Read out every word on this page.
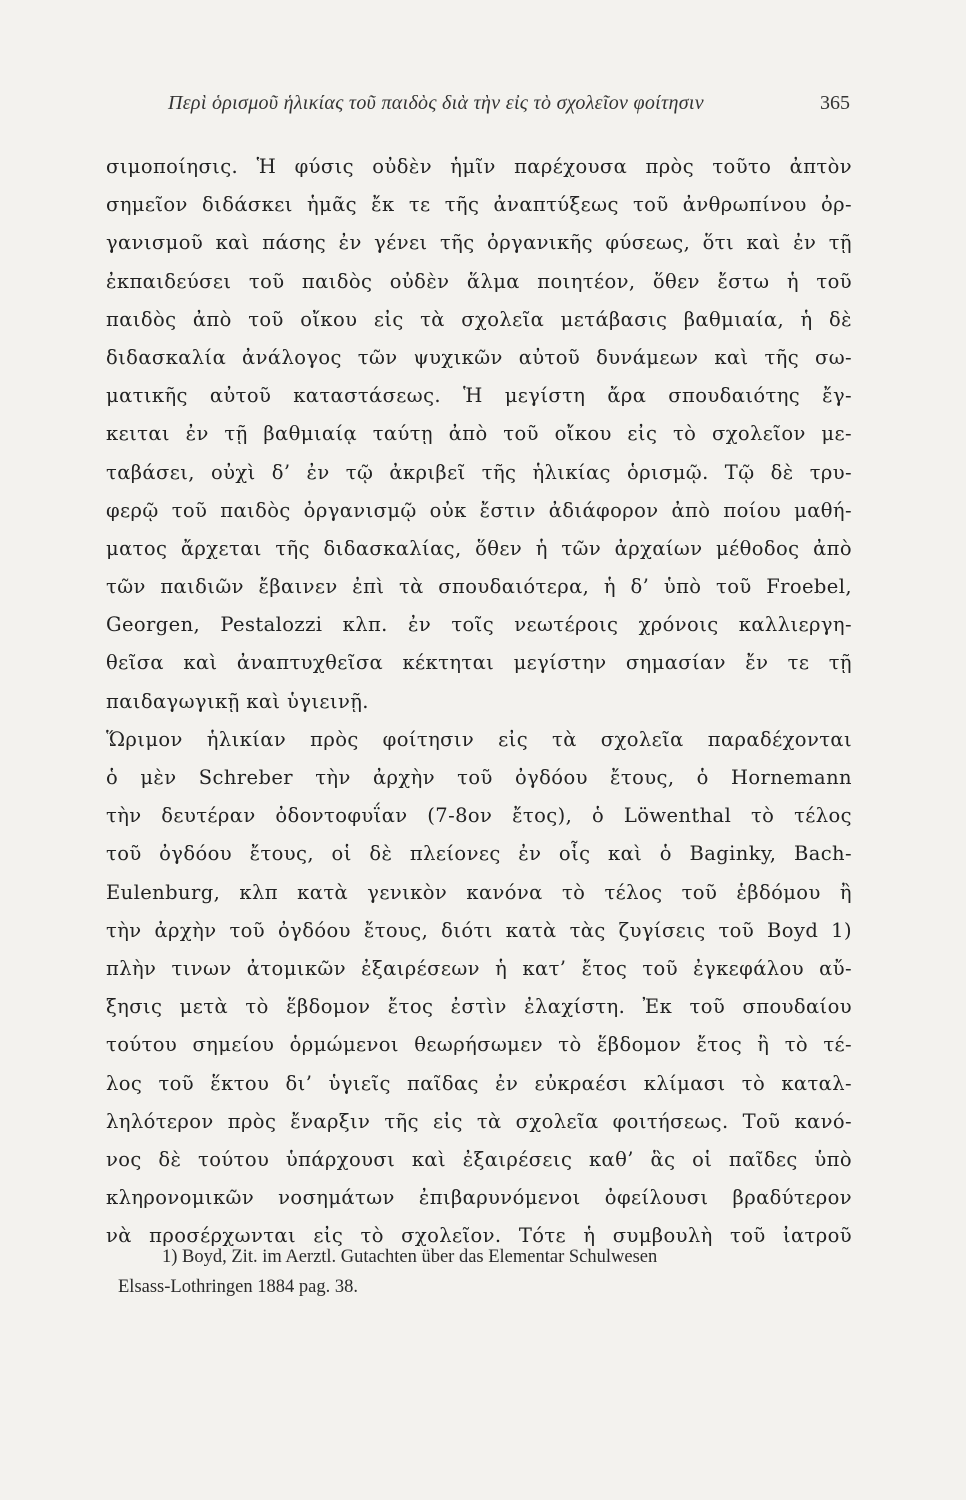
Περὶ ὁρισμοῦ ἡλικίας τοῦ παιδὸς διὰ τὴν εἰς τὸ σχολεῖον φοίτησιν	365
σιμοποίησις. Ἡ φύσις οὐδὲν ἡμῖν παρέχουσα πρὸς τοῦτο ἀπτὸν
σημεῖον διδάσκει ἡμᾶς ἔκ τε τῆς ἀναπτύξεως τοῦ ἀνθρωπίνου ὀρ-
γανισμοῦ καὶ πάσης ἐν γένει τῆς ὀργανικῆς φύσεως, ὅτι καὶ ἐν τῇ
ἐκπαιδεύσει τοῦ παιδὸς οὐδὲν ἅλμα ποιητέον, ὅθεν ἔστω ἡ τοῦ
παιδὸς ἀπὸ τοῦ οἴκου εἰς τὰ σχολεῖα μετάβασις βαθμιαία, ἡ δὲ
διδασκαλία ἀνάλογος τῶν ψυχικῶν αὐτοῦ δυνάμεων καὶ τῆς σω-
ματικῆς αὐτοῦ καταστάσεως. Ἡ μεγίστη ἄρα σπουδαιότης ἔγ-
κειται ἐν τῇ βαθμιαίᾳ ταύτῃ ἀπὸ τοῦ οἴκου εἰς τὸ σχολεῖον με-
ταβάσει, οὐχὶ δ’ ἐν τῷ ἀκριβεῖ τῆς ἡλικίας ὁρισμῷ. Τῷ δὲ τρυ-
φερῷ τοῦ παιδὸς ὀργανισμῷ οὐκ ἔστιν ἀδιάφορον ἀπὸ ποίου μαθή-
ματος ἄρχεται τῆς διδασκαλίας, ὅθεν ἡ τῶν ἀρχαίων μέθοδος ἀπὸ
τῶν παιδιῶν ἔβαινεν ἐπὶ τὰ σπουδαιότερα, ἡ δ’ ὑπὸ τοῦ Froebel,
Georgen, Pestalozzi κλπ. ἐν τοῖς νεωτέροις χρόνοις καλλιεργη-
θεῖσα καὶ ἀναπτυχθεῖσα κέκτηται μεγίστην σημασίαν ἔν τε τῇ
παιδαγωγικῇ καὶ ὑγιεινῇ.
Ὥριμον ἡλικίαν πρὸς φοίτησιν εἰς τὰ σχολεῖα παραδέχονται
ὁ μὲν Schreber τὴν ἀρχὴν τοῦ ὀγδόου ἔτους, ὁ Hornemann
τὴν δευτέραν ὀδοντοφυΐαν (7-8ον ἔτος), ὁ Löwenthal τὸ τέλος
τοῦ ὀγδόου ἔτους, οἱ δὲ πλείονες ἐν οἷς καὶ ὁ Baginky, Bach-
Eulenburg, κλπ κατὰ γενικὸν κανόνα τὸ τέλος τοῦ ἑβδόμου ἢ
τὴν ἀρχὴν τοῦ ὀγδόου ἔτους, διότι κατὰ τὰς ζυγίσεις τοῦ Boyd 1)
πλὴν τινων ἀτομικῶν ἐξαιρέσεων ἡ κατ’ ἔτος τοῦ ἐγκεφάλου αὔ-
ξησις μετὰ τὸ ἕβδομον ἔτος ἐστὶν ἐλαχίστη. Ἐκ τοῦ σπουδαίου
τούτου σημείου ὁρμώμενοι θεωρήσωμεν τὸ ἕβδομον ἔτος ἢ τὸ τέ-
λος τοῦ ἕκτου δι’ ὑγιεῖς παῖδας ἐν εὐκραέσι κλίμασι τὸ καταλ-
ληλότερον πρὸς ἔναρξιν τῆς εἰς τὰ σχολεῖα φοιτήσεως. Τοῦ κανό-
νος δὲ τούτου ὑπάρχουσι καὶ ἐξαιρέσεις καθ’ ἃς οἱ παῖδες ὑπὸ
κληρονομικῶν νοσημάτων ἐπιβαρυνόμενοι ὀφείλουσι βραδύτερον
νὰ προσέρχωνται εἰς τὸ σχολεῖον. Τότε ἡ συμβουλὴ τοῦ ἰατροῦ
1) Boyd, Zit. im Aerztl. Gutachten über das Elementar Schulwesen
Elsass-Lothringen 1884 pag. 38.
